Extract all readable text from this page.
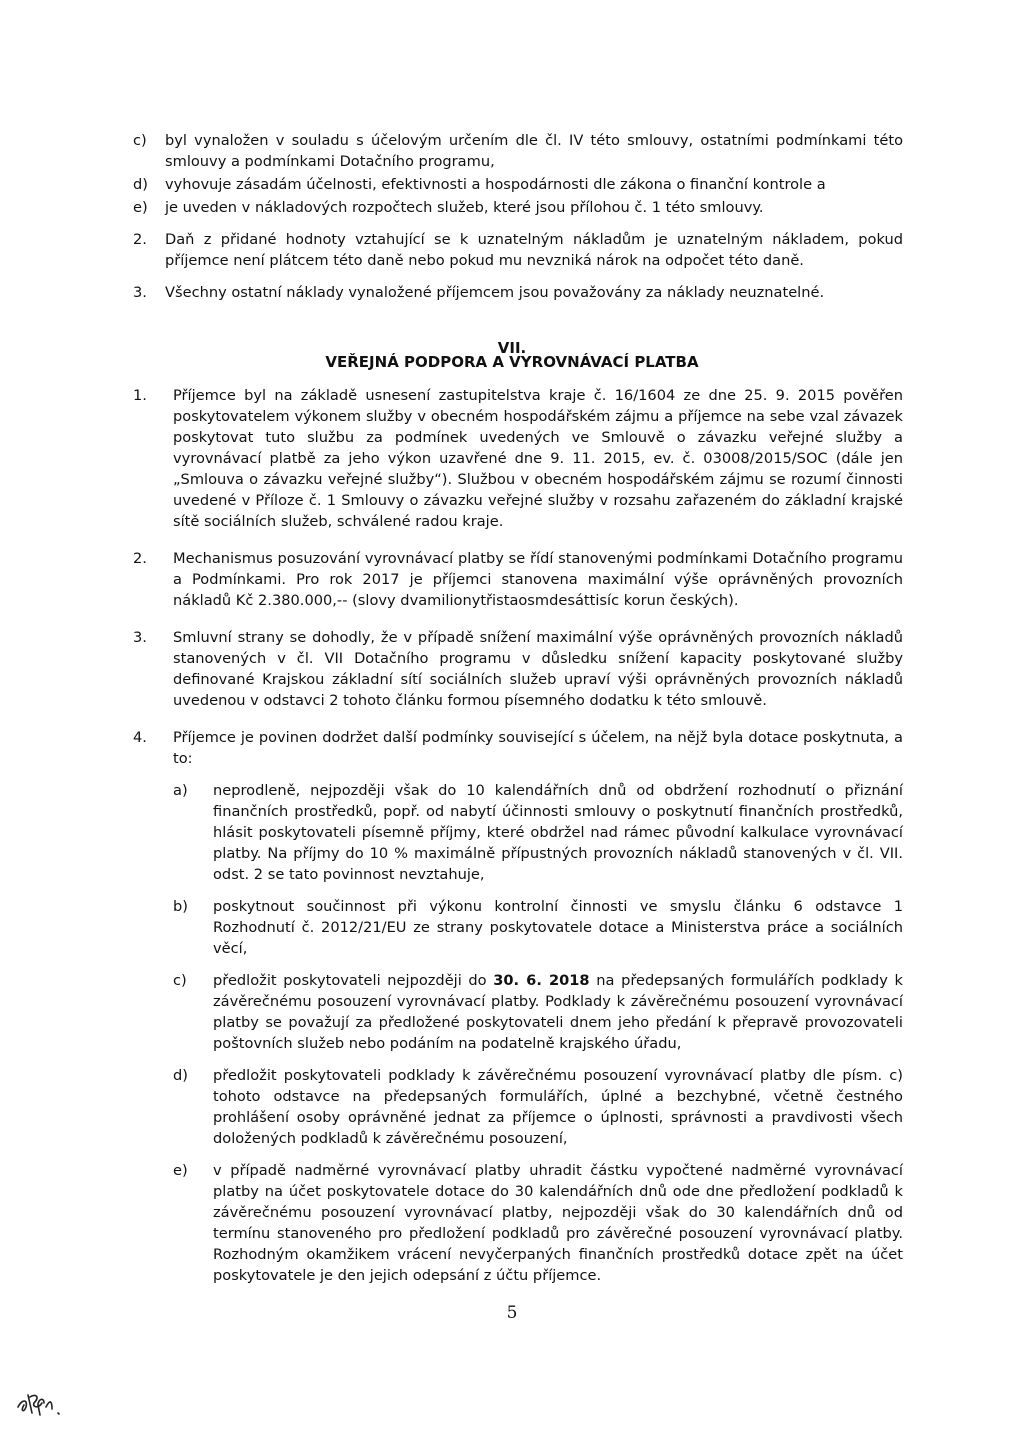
c)	byl vynaložen v souladu s účelovým určením dle čl. IV této smlouvy, ostatními podmínkami této smlouvy a podmínkami Dotačního programu,
d)	vyhovuje zásadám účelnosti, efektivnosti a hospodárnosti dle zákona o finanční kontrole a
e)	je uveden v nákladových rozpočtech služeb, které jsou přílohou č. 1 této smlouvy.
2.	Daň z přidané hodnoty vztahující se k uznatelným nákladům je uznatelným nákladem, pokud příjemce není plátcem této daně nebo pokud mu nevzniká nárok na odpočet této daně.
3.	Všechny ostatní náklady vynaložené příjemcem jsou považovány za náklady neuznatelné.
VII.
VEŘEJNÁ PODPORA A VYROVNÁVACÍ PLATBA
1.	Příjemce byl na základě usnesení zastupitelstva kraje č. 16/1604 ze dne 25. 9. 2015 pověřen poskytovatelem výkonem služby v obecném hospodářském zájmu a příjemce na sebe vzal závazek poskytovat tuto službu za podmínek uvedených ve Smlouvě o závazku veřejné služby a vyrovnávací platbě za jeho výkon uzavřené dne 9. 11. 2015, ev. č. 03008/2015/SOC (dále jen „Smlouva o závazku veřejné služby“). Službou v obecném hospodářském zájmu se rozumí činnosti uvedené v Příloze č. 1 Smlouvy o závazku veřejné služby v rozsahu zařazeném do základní krajské sítě sociálních služeb, schválené radou kraje.
2.	Mechanismus posuzování vyrovnávací platby se řídí stanovenými podmínkami Dotačního programu a Podmínkami. Pro rok 2017 je příjemci stanovena maximální výše oprávněných provozních nákladů Kč 2.380.000,-- (slovy dvamilionytřistaosmdesáttisíc korun českých).
3.	Smluvní strany se dohodly, že v případě snížení maximální výše oprávněných provozních nákladů stanovených v čl. VII Dotačního programu v důsledku snížení kapacity poskytované služby definované Krajskou základní sítí sociálních služeb upraví výši oprávněných provozních nákladů uvedenou v odstavci 2 tohoto článku formou písemného dodatku k této smlouvě.
4.	Příjemce je povinen dodržet další podmínky související s účelem, na nějž byla dotace poskytnuta, a to:
a)	neprodleně, nejpozději však do 10 kalendářních dnů od obdržení rozhodnutí o přiznání finančních prostředků, popř. od nabytí účinnosti smlouvy o poskytnutí finančních prostředků, hlásit poskytovateli písemně příjmy, které obdržel nad rámec původní kalkulace vyrovnávací platby. Na příjmy do 10 % maximálně přípustných provozních nákladů stanovených v čl. VII. odst. 2 se tato povinnost nevztahuje,
b)	poskytnout součinnost při výkonu kontrolní činnosti ve smyslu článku 6 odstavce 1 Rozhodnutí č. 2012/21/EU ze strany poskytovatele dotace a Ministerstva práce a sociálních věcí,
c)	předložit poskytovateli nejpozději do 30. 6. 2018 na předepsaných formulářích podklady k závěrečnému posouzení vyrovnávací platby. Podklady k závěrečnému posouzení vyrovnávací platby se považují za předložené poskytovateli dnem jeho předání k přepravě provozovateli poštovních služeb nebo podáním na podatelně krajského úřadu,
d)	předložit poskytovateli podklady k závěrečnému posouzení vyrovnávací platby dle písm. c) tohoto odstavce na předepsaných formulářích, úplné a bezchybné, včetně čestného prohlášení osoby oprávněné jednat za příjemce o úplnosti, správnosti a pravdivosti všech doložených podkladů k závěrečnému posouzení,
e)	v případě nadměrné vyrovnávací platby uhradit částku vypočtené nadměrné vyrovnávací platby na účet poskytovatele dotace do 30 kalendářních dnů ode dne předložení podkladů k závěrečnému posouzení vyrovnávací platby, nejpozději však do 30 kalendářních dnů od termínu stanoveného pro předložení podkladů pro závěrečné posouzení vyrovnávací platby. Rozhodným okamžikem vrácení nevyčerpaných finančních prostředků dotace zpět na účet poskytovatele je den jejich odepsání z účtu příjemce.
5
